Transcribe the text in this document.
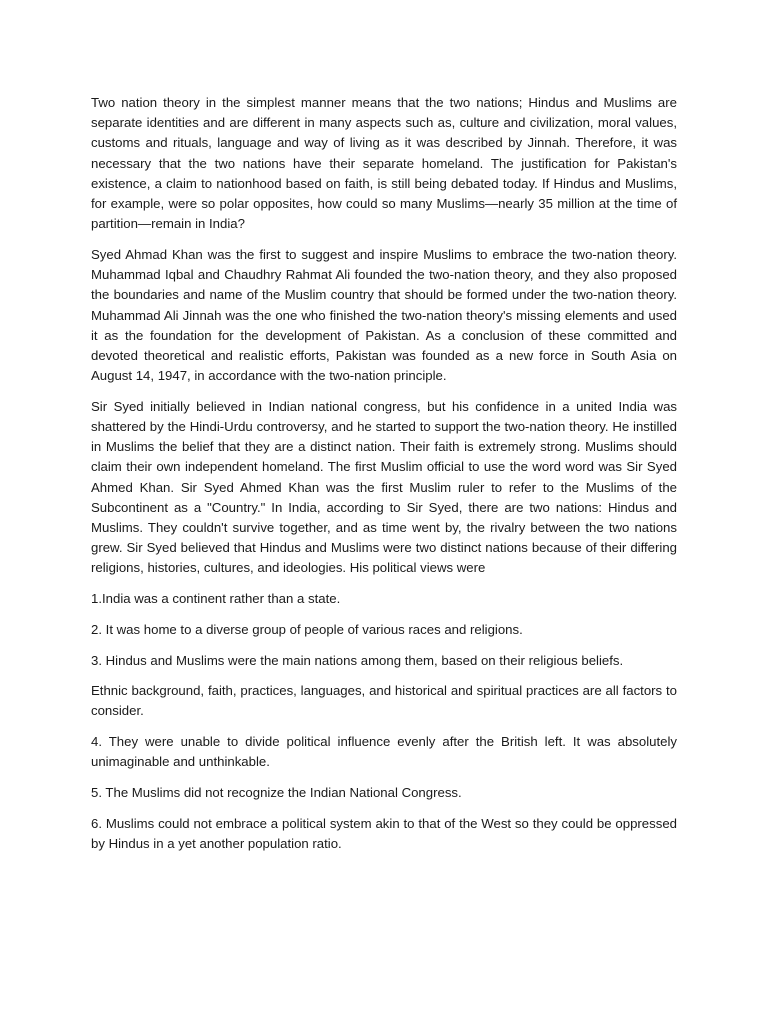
Two nation theory in the simplest manner means that the two nations; Hindus and Muslims are separate identities and are different in many aspects such as, culture and civilization, moral values, customs and rituals, language and way of living as it was described by Jinnah. Therefore, it was necessary that the two nations have their separate homeland. The justification for Pakistan's existence, a claim to nationhood based on faith, is still being debated today. If Hindus and Muslims, for example, were so polar opposites, how could so many Muslims—nearly 35 million at the time of partition—remain in India?

Syed Ahmad Khan was the first to suggest and inspire Muslims to embrace the two-nation theory. Muhammad Iqbal and Chaudhry Rahmat Ali founded the two-nation theory, and they also proposed the boundaries and name of the Muslim country that should be formed under the two-nation theory. Muhammad Ali Jinnah was the one who finished the two-nation theory's missing elements and used it as the foundation for the development of Pakistan. As a conclusion of these committed and devoted theoretical and realistic efforts, Pakistan was founded as a new force in South Asia on August 14, 1947, in accordance with the two-nation principle.

Sir Syed initially believed in Indian national congress, but his confidence in a united India was shattered by the Hindi-Urdu controversy, and he started to support the two-nation theory. He instilled in Muslims the belief that they are a distinct nation. Their faith is extremely strong. Muslims should claim their own independent homeland. The first Muslim official to use the word word was Sir Syed Ahmed Khan. Sir Syed Ahmed Khan was the first Muslim ruler to refer to the Muslims of the Subcontinent as a "Country." In India, according to Sir Syed, there are two nations: Hindus and Muslims. They couldn't survive together, and as time went by, the rivalry between the two nations grew. Sir Syed believed that Hindus and Muslims were two distinct nations because of their differing religions, histories, cultures, and ideologies. His political views were

1.India was a continent rather than a state.

2. It was home to a diverse group of people of various races and religions.

3. Hindus and Muslims were the main nations among them, based on their religious beliefs.

Ethnic background, faith, practices, languages, and historical and spiritual practices are all factors to consider.

4. They were unable to divide political influence evenly after the British left. It was absolutely unimaginable and unthinkable.

5. The Muslims did not recognize the Indian National Congress.

6. Muslims could not embrace a political system akin to that of the West so they could be oppressed by Hindus in a yet another population ratio.
